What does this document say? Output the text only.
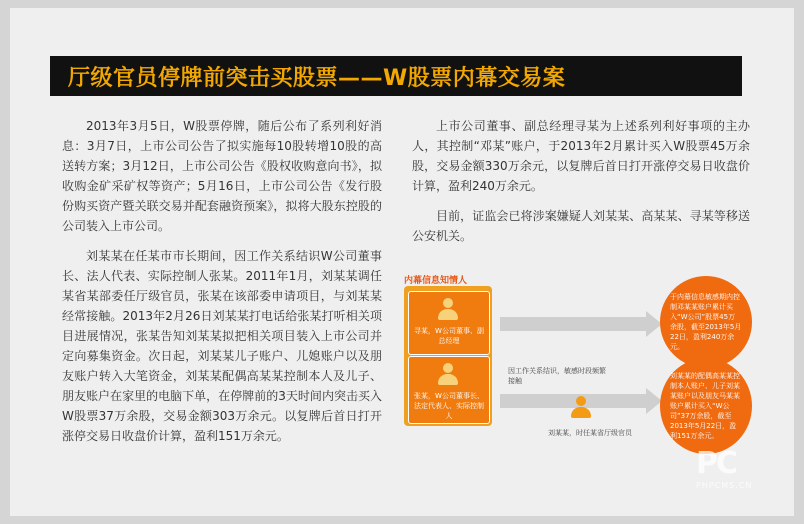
厅级官员停牌前突击买股票——W股票内幕交易案

2013年3月5日，W股票停牌，随后公布了系列利好消息：3月7日，上市公司公告了拟实施每10股转增10股的高送转方案；3月12日，上市公司公告《股权收购意向书》，拟收购金矿采矿权等资产；5月16日，上市公司公告《发行股份购买资产暨关联交易并配套融资预案》，拟将大股东控股的公司装入上市公司。

刘某某在任某市市长期间，因工作关系结识W公司董事长、法人代表、实际控制人张某。2011年1月，刘某某调任某省某部委任厅级官员，张某在该部委申请项目，与刘某某经常接触。2013年2月26日刘某某打电话给张某打听相关项目进展情况，张某告知刘某某拟把相关项目装入上市公司并定向募集资金。次日起，刘某某儿子账户、儿媳账户以及朋友账户转入大笔资金，刘某某配偶高某某控制本人及儿子、朋友账户在家里的电脑下单，在停牌前的3天时间内突击买入W股票37万余股，交易金额303万余元。以复牌后首日打开涨停交易日收盘价计算，盈利151万余元。

上市公司董事、副总经理寻某为上述系列利好事项的主办人，其控制“邓某”账户，于2013年2月累计买入W股票45万余股，交易金额330万余元，以复牌后首日打开涨停交易日收盘价计算，盈利240万余元。

目前，证监会已将涉案嫌疑人刘某某、高某某、寻某等移送公安机关。

内幕信息知情人
寻某，W公司董事、副总经理
张某，W公司董事长、法定代表人、实际控制人
因工作关系结识，敏感时段频繁接触
刘某某，时任某省厅级官员
于内幕信息敏感期内控制邓某某账户累计买入“W公司”股票45万余股，截至2013年5月22日，盈利240万余元。
刘某某的配偶高某某控制本人账户、儿子刘某某账户以及朋友马某某账户累计买入“W公司”37万余股，截至2013年5月22日，盈利151万余元。
PC
PHPCMS.CN
